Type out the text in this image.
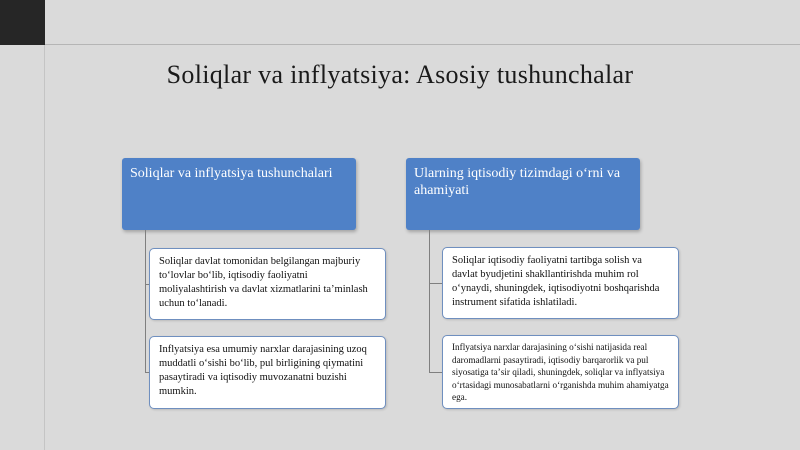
Soliqlar va inflyatsiya: Asosiy tushunchalar
Soliqlar va inflyatsiya tushunchalari
Soliqlar davlat tomonidan belgilangan majburiy toʻlovlar boʻlib, iqtisodiy faoliyatni moliyalashtirish va davlat xizmatlarini taʼminlash uchun toʻlanadi.
Inflyatsiya esa umumiy narxlar darajasining uzoq muddatli oʻsishi boʻlib, pul birligining qiymatini pasaytiradi va iqtisodiy muvozanatni buzishi mumkin.
Ularning iqtisodiy tizimdagi oʻrni va ahamiyati
Soliqlar iqtisodiy faoliyatni tartibga solish va davlat byudjetini shakllantirishda muhim rol oʻynaydi, shuningdek, iqtisodiyotni boshqarishda instrument sifatida ishlatiladi.
Inflyatsiya narxlar darajasining oʻsishi natijasida real daromadlarni pasaytiradi, iqtisodiy barqarorlik va pul siyosatiga taʼsir qiladi, shuningdek, soliqlar va inflyatsiya oʻrtasidagi munosabatlarni oʻrganishda muhim ahamiyatga ega.
